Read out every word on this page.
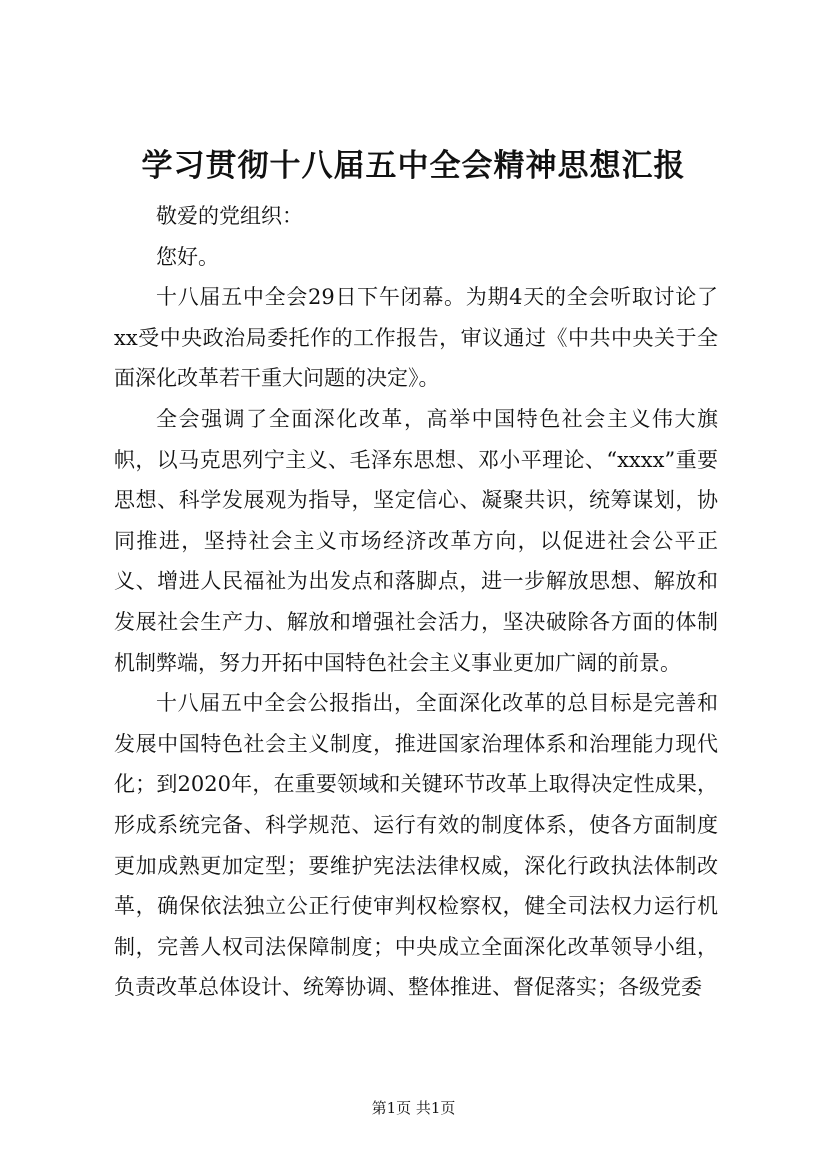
学习贯彻十八届五中全会精神思想汇报

敬爱的党组织：

您好。

十八届五中全会29日下午闭幕。为期4天的全会听取讨论了xx受中央政治局委托作的工作报告，审议通过《中共中央关于全面深化改革若干重大问题的决定》。

全会强调了全面深化改革，高举中国特色社会主义伟大旗帜，以马克思列宁主义、毛泽东思想、邓小平理论、“xxxx”重要思想、科学发展观为指导，坚定信心、凝聚共识，统筹谋划，协同推进，坚持社会主义市场经济改革方向，以促进社会公平正义、增进人民福祉为出发点和落脚点，进一步解放思想、解放和发展社会生产力、解放和增强社会活力，坚决破除各方面的体制机制弊端，努力开拓中国特色社会主义事业更加广阔的前景。

十八届五中全会公报指出，全面深化改革的总目标是完善和发展中国特色社会主义制度，推进国家治理体系和治理能力现代化；到2020年，在重要领域和关键环节改革上取得决定性成果，形成系统完备、科学规范、运行有效的制度体系，使各方面制度更加成熟更加定型；要维护宪法法律权威，深化行政执法体制改革，确保依法独立公正行使审判权检察权，健全司法权力运行机制，完善人权司法保障制度；中央成立全面深化改革领导小组，负责改革总体设计、统筹协调、整体推进、督促落实；各级党委

第1页 共1页
